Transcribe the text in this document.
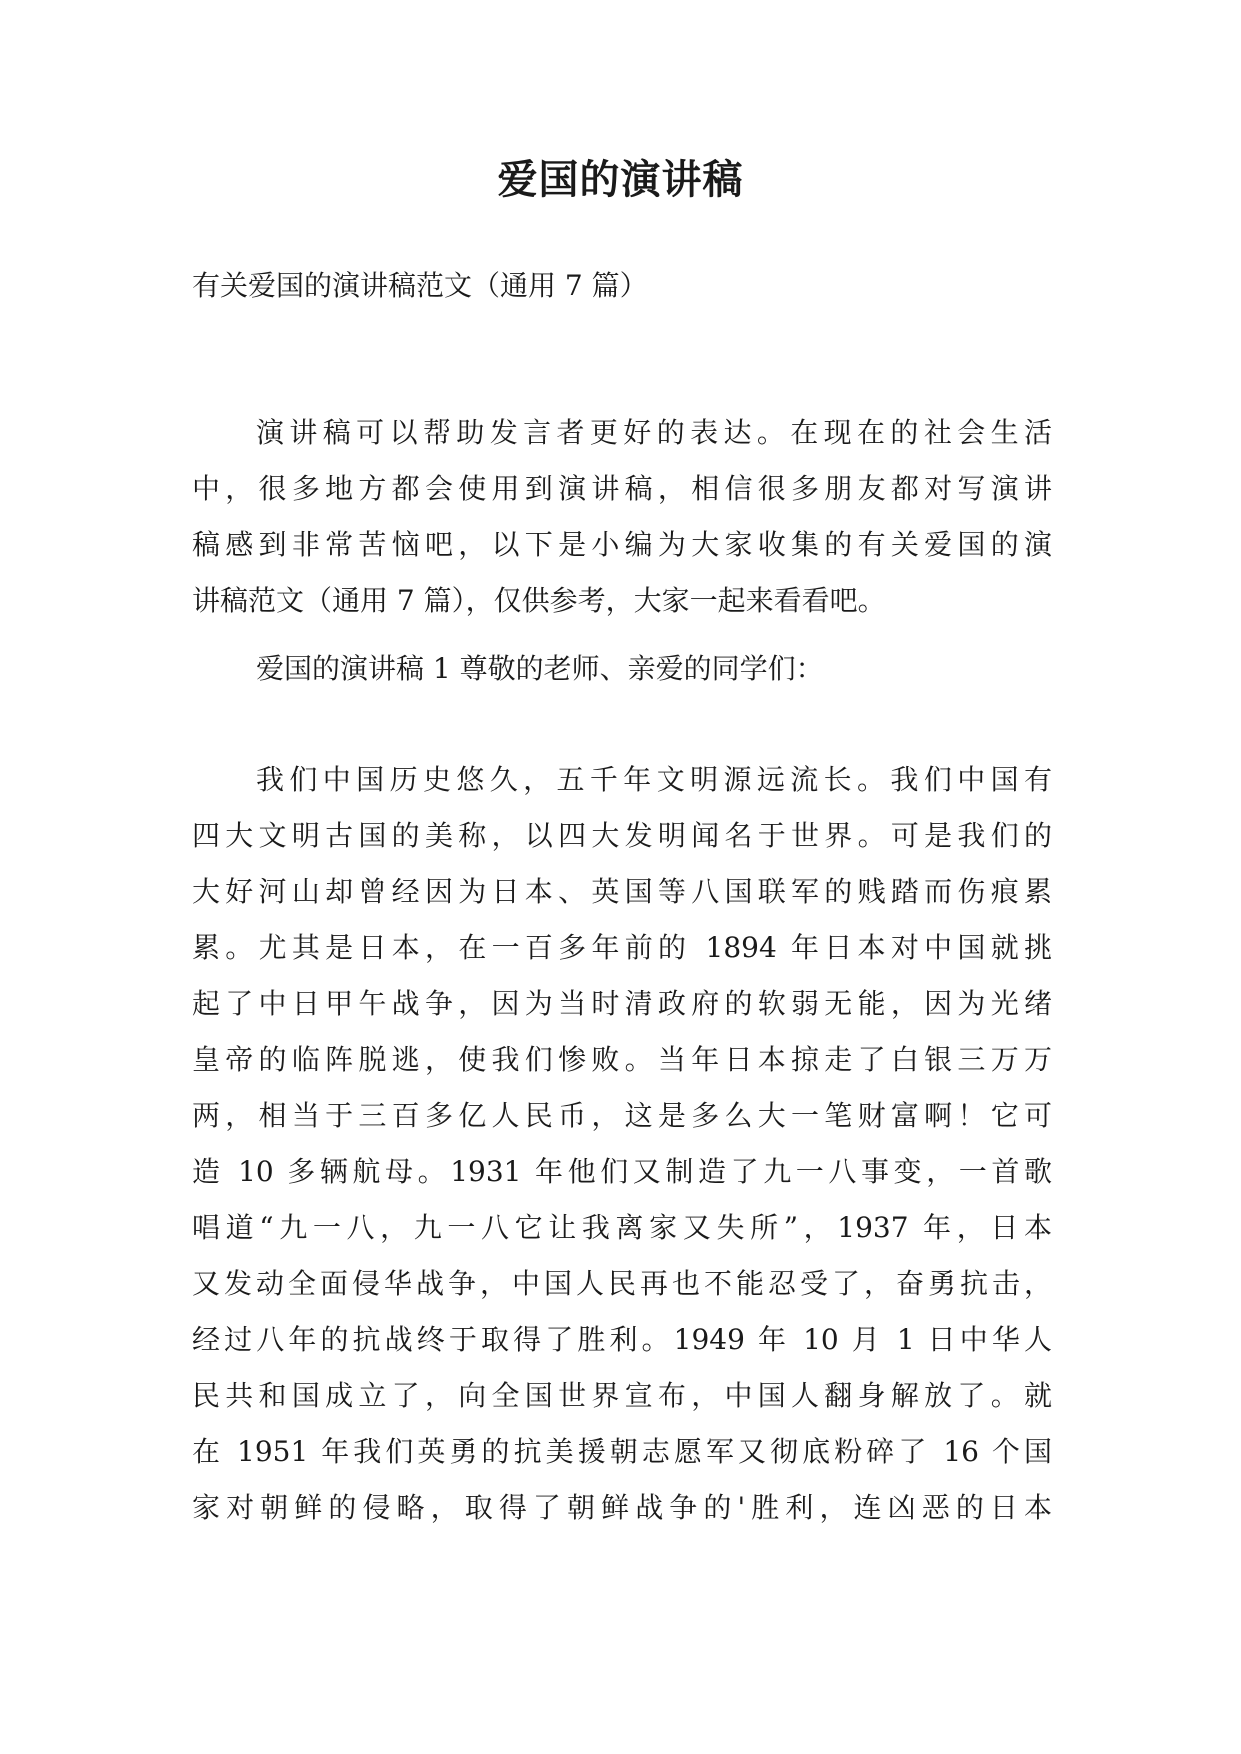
爱国的演讲稿
有关爱国的演讲稿范文（通用 7 篇）
演讲稿可以帮助发言者更好的表达。在现在的社会生活
中，很多地方都会使用到演讲稿，相信很多朋友都对写演讲
稿感到非常苦恼吧，以下是小编为大家收集的有关爱国的演
讲稿范文（通用 7 篇），仅供参考，大家一起来看看吧。
爱国的演讲稿 1 尊敬的老师、亲爱的同学们：
我们中国历史悠久，五千年文明源远流长。我们中国有
四大文明古国的美称，以四大发明闻名于世界。可是我们的
大好河山却曾经因为日本、英国等八国联军的贱踏而伤痕累
累。尤其是日本，在一百多年前的 1894 年日本对中国就挑
起了中日甲午战争，因为当时清政府的软弱无能，因为光绪
皇帝的临阵脱逃，使我们惨败。当年日本掠走了白银三万万
两，相当于三百多亿人民币，这是多么大一笔财富啊！它可
造 10 多辆航母。1931 年他们又制造了九一八事变，一首歌
唱道“九一八，九一八它让我离家又失所”，1937 年，日本
又发动全面侵华战争，中国人民再也不能忍受了，奋勇抗击，
经过八年的抗战终于取得了胜利。1949 年 10 月 1 日中华人
民共和国成立了，向全国世界宣布，中国人翻身解放了。就
在 1951 年我们英勇的抗美援朝志愿军又彻底粉碎了 16 个国
家对朝鲜的侵略，取得了朝鲜战争的'胜利，连凶恶的日本
